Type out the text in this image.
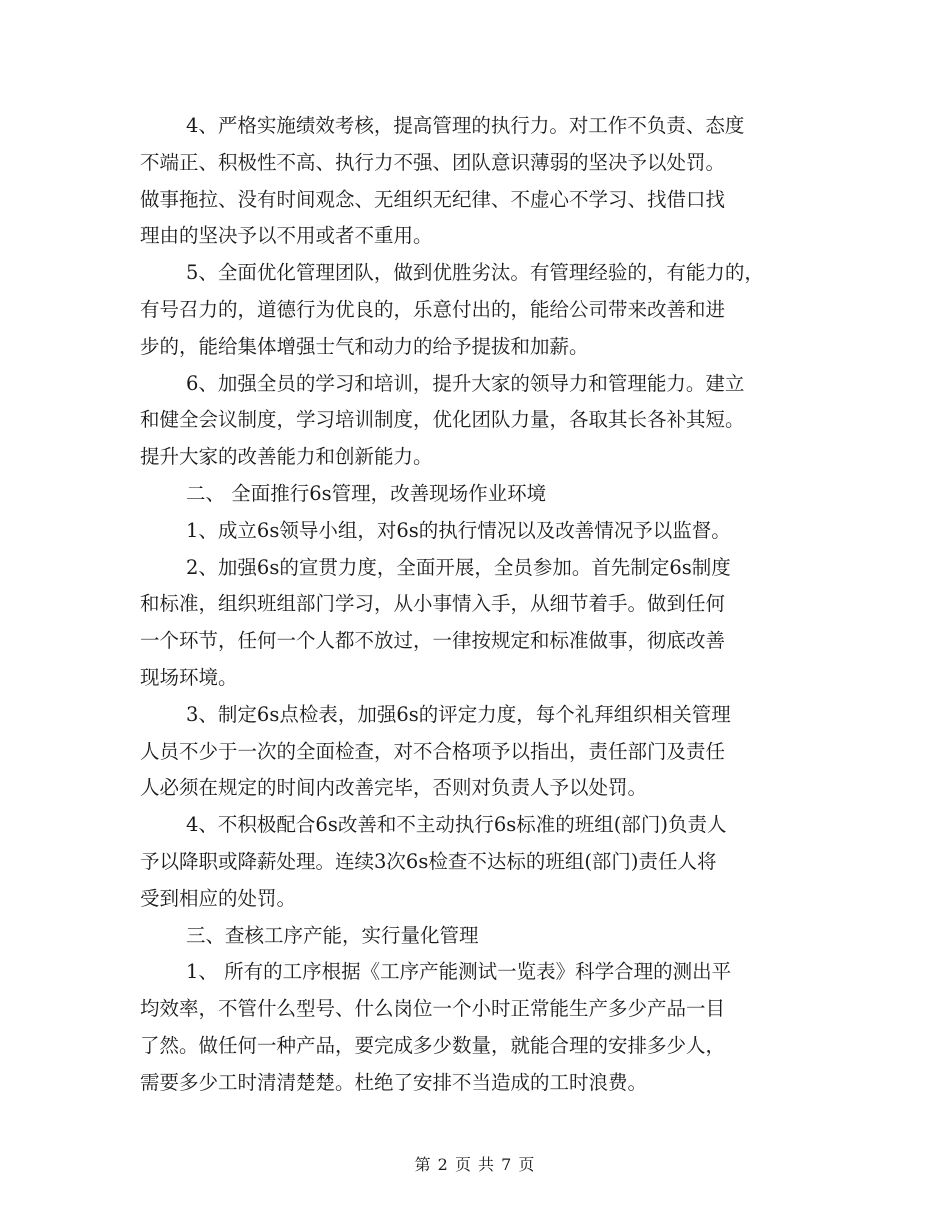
4、严格实施绩效考核，提高管理的执行力。对工作不负责、态度
不端正、积极性不高、执行力不强、团队意识薄弱的坚决予以处罚。
做事拖拉、没有时间观念、无组织无纪律、不虚心不学习、找借口找
理由的坚决予以不用或者不重用。

5、全面优化管理团队，做到优胜劣汰。有管理经验的，有能力的，
有号召力的，道德行为优良的，乐意付出的，能给公司带来改善和进
步的，能给集体增强士气和动力的给予提拔和加薪。

6、加强全员的学习和培训，提升大家的领导力和管理能力。建立
和健全会议制度，学习培训制度，优化团队力量，各取其长各补其短。
提升大家的改善能力和创新能力。

二、 全面推行6s管理，改善现场作业环境

1、成立6s领导小组，对6s的执行情况以及改善情况予以监督。

2、加强6s的宣贯力度，全面开展，全员参加。首先制定6s制度
和标准，组织班组部门学习，从小事情入手，从细节着手。做到任何
一个环节，任何一个人都不放过，一律按规定和标准做事，彻底改善
现场环境。

3、制定6s点检表，加强6s的评定力度，每个礼拜组织相关管理
人员不少于一次的全面检查，对不合格项予以指出，责任部门及责任
人必须在规定的时间内改善完毕，否则对负责人予以处罚。

4、不积极配合6s改善和不主动执行6s标准的班组(部门)负责人
予以降职或降薪处理。连续3次6s检查不达标的班组(部门)责任人将
受到相应的处罚。

三、查核工序产能，实行量化管理

1、 所有的工序根据《工序产能测试一览表》科学合理的测出平
均效率，不管什么型号、什么岗位一个小时正常能生产多少产品一目
了然。做任何一种产品，要完成多少数量，就能合理的安排多少人，
需要多少工时清清楚楚。杜绝了安排不当造成的工时浪费。

第 2 页 共 7 页
